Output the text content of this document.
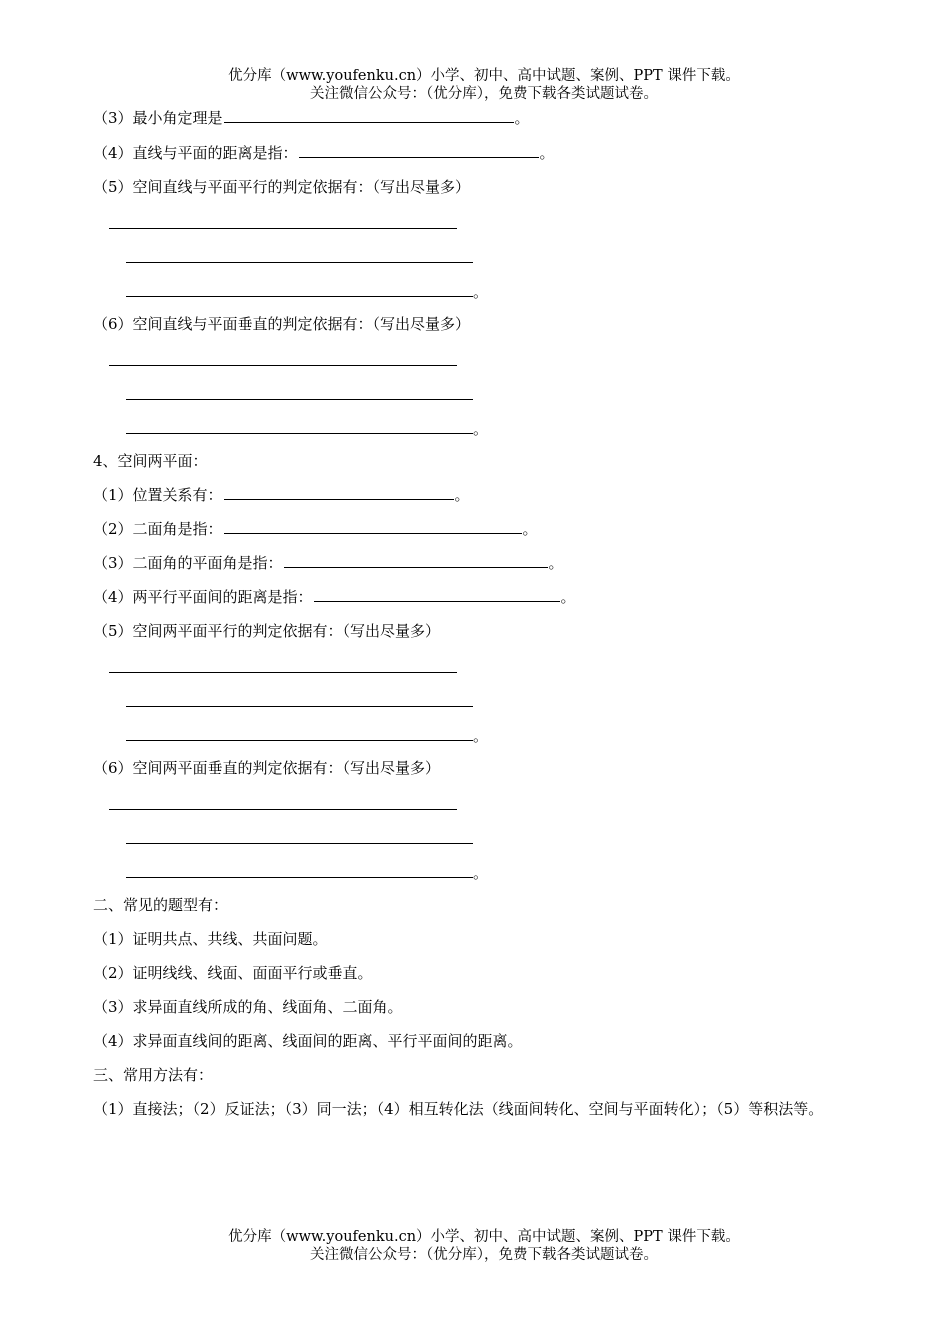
优分库（www.youfenku.cn）小学、初中、高中试题、案例、PPT 课件下载。
关注微信公众号：（优分库），免费下载各类试题试卷。
（3）最小角定理是	。
（4）直线与平面的距离是指：	。
（5）空间直线与平面平行的判定依据有：（写出尽量多）
。
（6）空间直线与平面垂直的判定依据有：（写出尽量多）
。
4、空间两平面：
（1）位置关系有：	。
（2）二面角是指：	。
（3）二面角的平面角是指：	。
（4）两平行平面间的距离是指：	。
（5）空间两平面平行的判定依据有：（写出尽量多）
。
（6）空间两平面垂直的判定依据有：（写出尽量多）
。
二、常见的题型有：
（1）证明共点、共线、共面问题。
（2）证明线线、线面、面面平行或垂直。
（3）求异面直线所成的角、线面角、二面角。
（4）求异面直线间的距离、线面间的距离、平行平面间的距离。
三、常用方法有：
（1）直接法；（2）反证法；（3）同一法；（4）相互转化法（线面间转化、空间与平面转化）；（5）等积法等。
优分库（www.youfenku.cn）小学、初中、高中试题、案例、PPT 课件下载。
关注微信公众号：（优分库），免费下载各类试题试卷。
